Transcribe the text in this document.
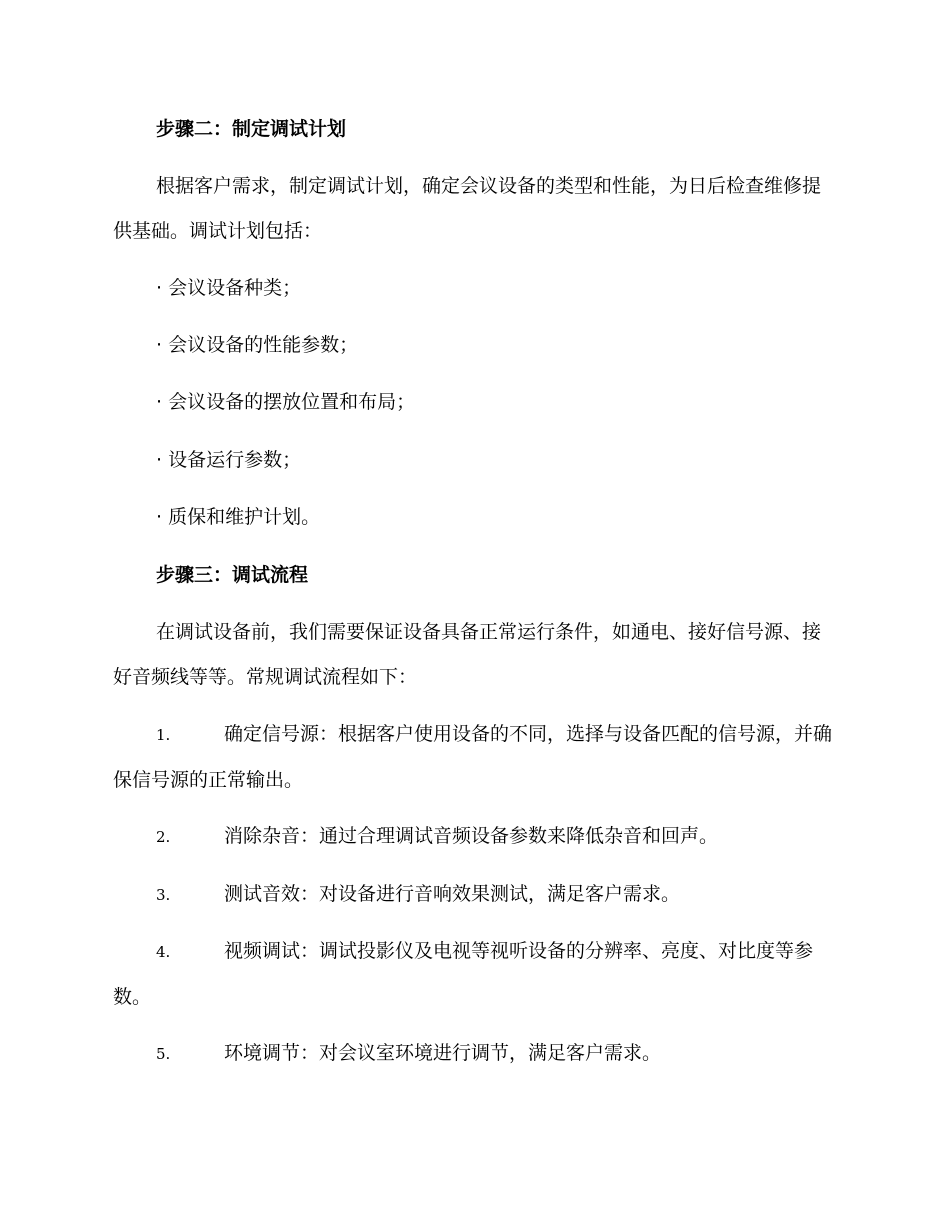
步骤二：制定调试计划

根据客户需求，制定调试计划，确定会议设备的类型和性能，为日后检查维修提供基础。调试计划包括：

· 会议设备种类；

· 会议设备的性能参数；

· 会议设备的摆放位置和布局；

· 设备运行参数；

· 质保和维护计划。

步骤三：调试流程

在调试设备前，我们需要保证设备具备正常运行条件，如通电、接好信号源、接好音频线等等。常规调试流程如下：

1.	确定信号源：根据客户使用设备的不同，选择与设备匹配的信号源，并确保信号源的正常输出。

2.	消除杂音：通过合理调试音频设备参数来降低杂音和回声。

3.	测试音效：对设备进行音响效果测试，满足客户需求。

4.	视频调试：调试投影仪及电视等视听设备的分辨率、亮度、对比度等参数。

5.	环境调节：对会议室环境进行调节，满足客户需求。
